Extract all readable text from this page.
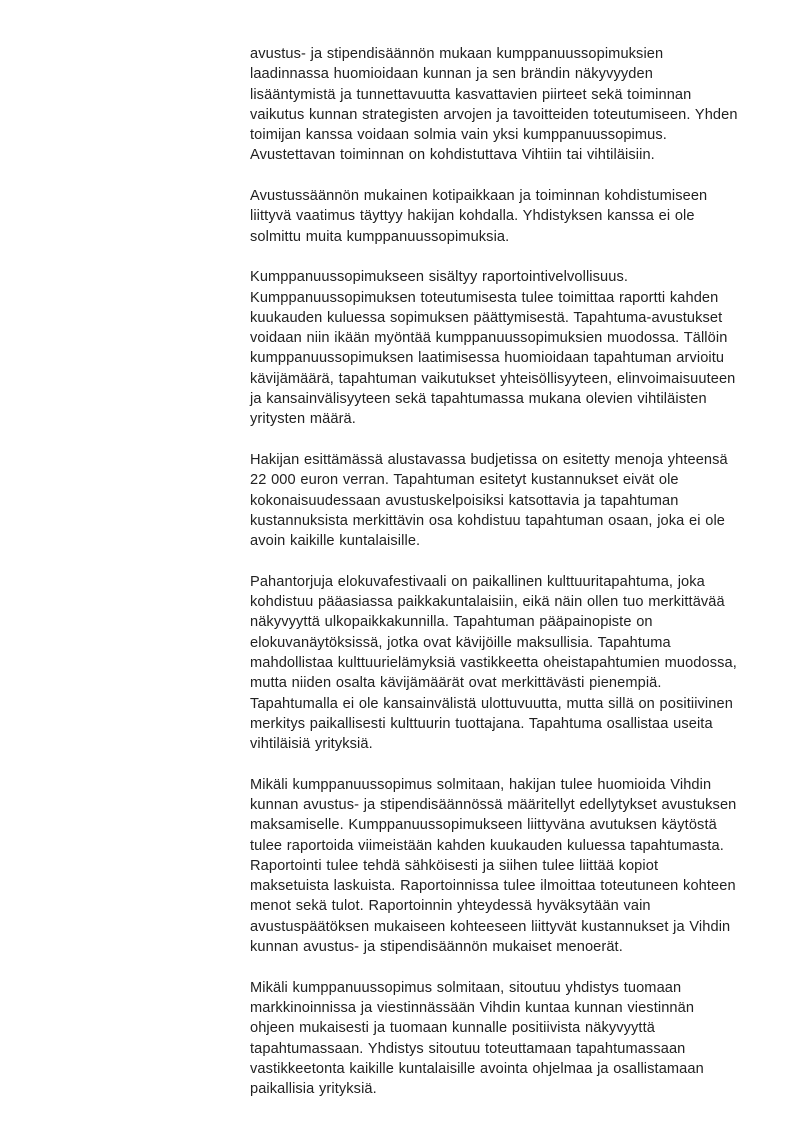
avustus- ja stipendisäännön mukaan kumppanuussopimuksien laadinnassa huomioidaan kunnan ja sen brändin näkyvyyden lisääntymistä ja tunnettavuutta kasvattavien piirteet sekä toiminnan vaikutus kunnan strategisten arvojen ja tavoitteiden toteutumiseen. Yhden toimijan kanssa voidaan solmia vain yksi kumppanuussopimus. Avustettavan toiminnan on kohdistuttava Vihtiin tai vihtiläisiin.

Avustussäännön mukainen kotipaikkaan ja toiminnan kohdistumiseen liittyvä vaatimus täyttyy hakijan kohdalla. Yhdistyksen kanssa ei ole solmittu muita kumppanuussopimuksia.

Kumppanuussopimukseen sisältyy raportointivelvollisuus. Kumppanuussopimuksen toteutumisesta tulee toimittaa raportti kahden kuukauden kuluessa sopimuksen päättymisestä. Tapahtuma-avustukset voidaan niin ikään myöntää kumppanuussopimuksien muodossa. Tällöin kumppanuussopimuksen laatimisessa huomioidaan tapahtuman arvioitu kävijämäärä, tapahtuman vaikutukset yhteisöllisyyteen, elinvoimaisuuteen ja kansainvälisyyteen sekä tapahtumassa mukana olevien vihtiläisten yritysten määrä.

Hakijan esittämässä alustavassa budjetissa on esitetty menoja yhteensä 22 000 euron verran. Tapahtuman esitetyt kustannukset eivät ole kokonaisuudessaan avustuskelpoisiksi katsottavia ja tapahtuman kustannuksista merkittävin osa kohdistuu tapahtuman osaan, joka ei ole avoin kaikille kuntalaisille.

Pahantorjuja elokuvafestivaali on paikallinen kulttuuritapahtuma, joka kohdistuu pääasiassa paikkakuntalaisiin, eikä näin ollen tuo merkittävää näkyvyyttä ulkopaikkakunnilla. Tapahtuman pääpainopiste on elokuvanäytöksissä, jotka ovat kävijöille maksullisia. Tapahtuma mahdollistaa kulttuurielämyksiä vastikkeetta oheistapahtumien muodossa, mutta niiden osalta kävijämäärät ovat merkittävästi pienempiä. Tapahtumalla ei ole kansainvälistä ulottuvuutta, mutta sillä on positiivinen merkitys paikallisesti kulttuurin tuottajana. Tapahtuma osallistaa useita vihtiläisiä yrityksiä.

Mikäli kumppanuussopimus solmitaan, hakijan tulee huomioida Vihdin kunnan avustus- ja stipendisäännössä määritellyt edellytykset avustuksen maksamiselle. Kumppanuussopimukseen liittyväna avutuksen käytöstä tulee raportoida viimeistään kahden kuukauden kuluessa tapahtumasta. Raportointi tulee tehdä sähköisesti ja siihen tulee liittää kopiot maksetuista laskuista. Raportoinnissa tulee ilmoittaa toteutuneen kohteen menot sekä tulot. Raportoinnin yhteydessä hyväksytään vain avustuspäätöksen mukaiseen kohteeseen liittyvät kustannukset ja Vihdin kunnan avustus- ja stipendisäännön mukaiset menoerät.

Mikäli kumppanuussopimus solmitaan, sitoutuu yhdistys tuomaan markkinoinnissa ja viestinnässään Vihdin kuntaa kunnan viestinnän ohjeen mukaisesti ja tuomaan kunnalle positiivista näkyvyyttä tapahtumassaan. Yhdistys sitoutuu toteuttamaan tapahtumassaan vastikkeetonta kaikille kuntalaisille avointa ohjelmaa ja osallistamaan paikallisia yrityksiä.
